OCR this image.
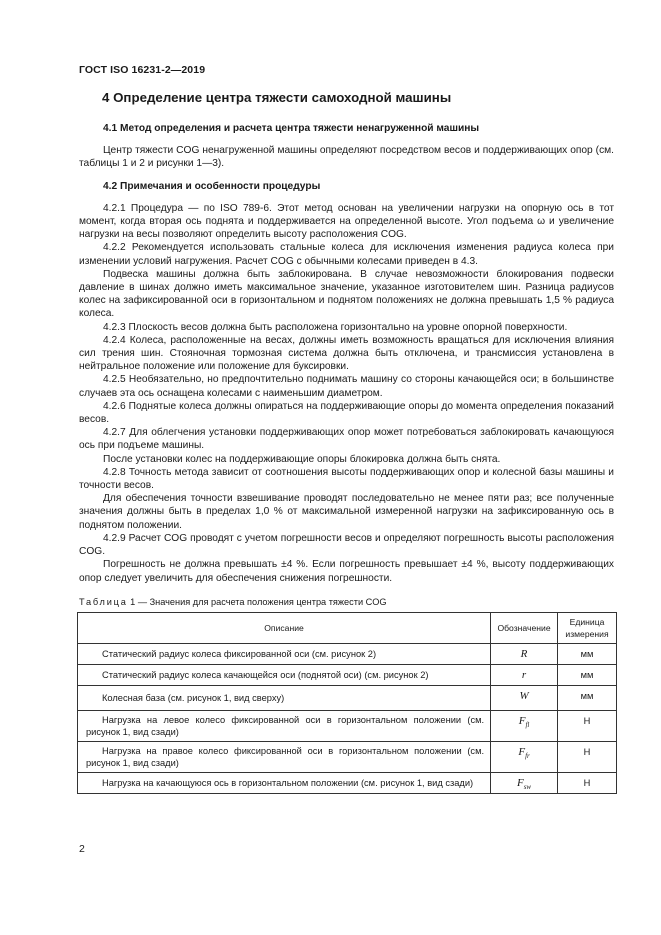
ГОСТ ISO 16231-2—2019
4 Определение центра тяжести самоходной машины
4.1 Метод определения и расчета центра тяжести ненагруженной машины

Центр тяжести COG ненагруженной машины определяют посредством весов и поддерживающих опор (см. таблицы 1 и 2 и рисунки 1—3).

4.2 Примечания и особенности процедуры

4.2.1 Процедура — по ISO 789-6. Этот метод основан на увеличении нагрузки на опорную ось в тот момент, когда вторая ось поднята и поддерживается на определенной высоте. Угол подъема ω и увеличение нагрузки на весы позволяют определить высоту расположения COG.

4.2.2 Рекомендуется использовать стальные колеса для исключения изменения радиуса колеса при изменении условий нагружения. Расчет COG с обычными колесами приведен в 4.3.

Подвеска машины должна быть заблокирована. В случае невозможности блокирования подвески давление в шинах должно иметь максимальное значение, указанное изготовителем шин. Разница радиусов колес на зафиксированной оси в горизонтальном и поднятом положениях не должна превышать 1,5 % радиуса колеса.

4.2.3 Плоскость весов должна быть расположена горизонтально на уровне опорной поверхности.

4.2.4 Колеса, расположенные на весах, должны иметь возможность вращаться для исключения влияния сил трения шин. Стояночная тормозная система должна быть отключена, и трансмиссия установлена в нейтральное положение или положение для буксировки.

4.2.5 Необязательно, но предпочтительно поднимать машину со стороны качающейся оси; в большинстве случаев эта ось оснащена колесами с наименьшим диаметром.

4.2.6 Поднятые колеса должны опираться на поддерживающие опоры до момента определения показаний весов.

4.2.7 Для облегчения установки поддерживающих опор может потребоваться заблокировать качающуюся ось при подъеме машины.

После установки колес на поддерживающие опоры блокировка должна быть снята.

4.2.8 Точность метода зависит от соотношения высоты поддерживающих опор и колесной базы машины и точности весов.

Для обеспечения точности взвешивание проводят последовательно не менее пяти раз; все полученные значения должны быть в пределах 1,0 % от максимальной измеренной нагрузки на зафиксированную ось в поднятом положении.

4.2.9 Расчет COG проводят с учетом погрешности весов и определяют погрешность высоты расположения COG.

Погрешность не должна превышать ±4 %. Если погрешность превышает ±4 %, высоту поддерживающих опор следует увеличить для обеспечения снижения погрешности.

Таблица 1 — Значения для расчета положения центра тяжести COG
Описание	Обозначение	Единица измерения
Статический радиус колеса фиксированной оси (см. рисунок 2)	R	мм
Статический радиус колеса качающейся оси (поднятой оси) (см. рисунок 2)	r	мм
Колесная база (см. рисунок 1, вид сверху)	W	мм
Нагрузка на левое колесо фиксированной оси в горизонтальном положении (см. рисунок 1, вид сзади)	$F_{fl}$	Н
Нагрузка на правое колесо фиксированной оси в горизонтальном положении (см. рисунок 1, вид сзади)	$F_{fr}$	Н
Нагрузка на качающуюся ось в горизонтальном положении (см. рисунок 1, вид сзади)	$F_{sw}$	Н
2
